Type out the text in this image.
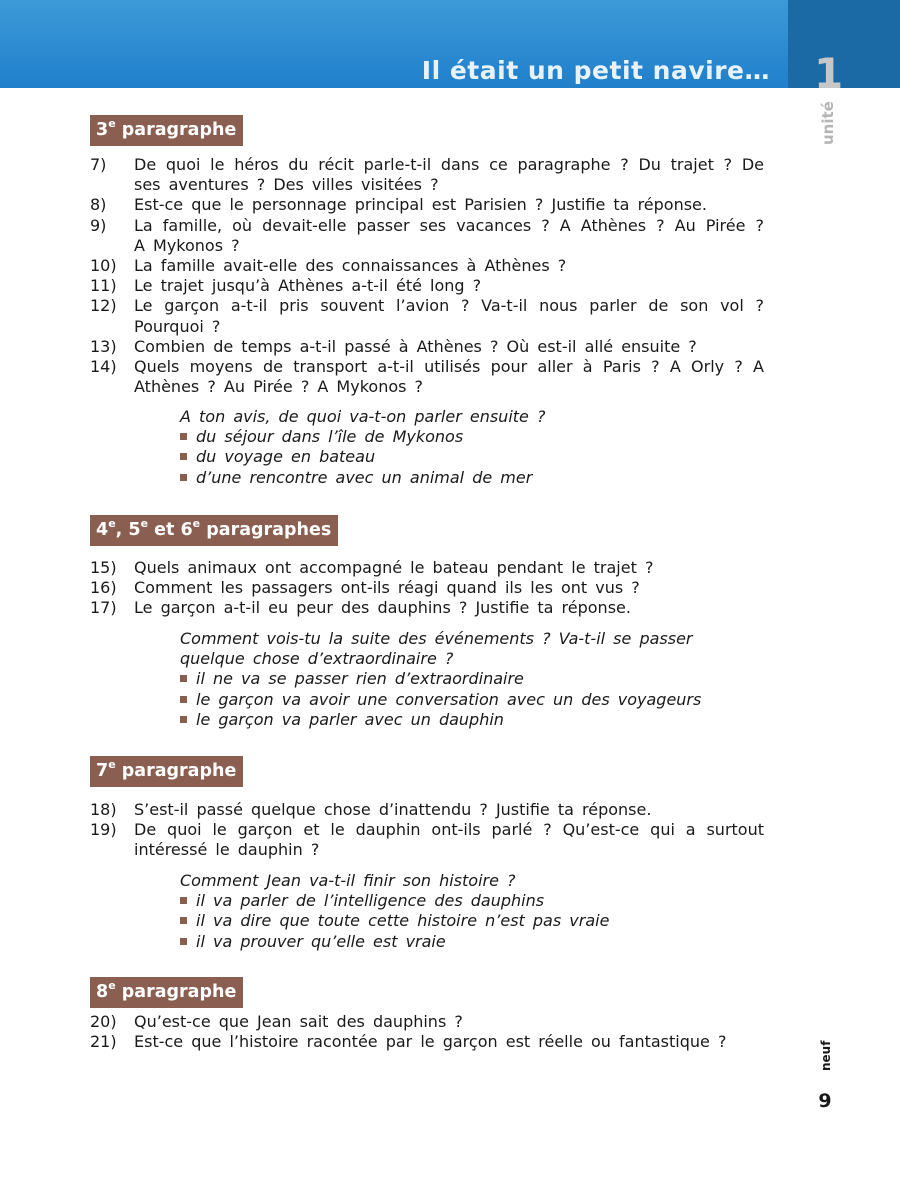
Il était un petit navire… 1
unité
3e paragraphe
7)	De quoi le héros du récit parle-t-il dans ce paragraphe ? Du trajet ? De
ses aventures ? Des villes visitées ?
8)	Est-ce que le personnage principal est Parisien ? Justifie ta réponse.
9)	La famille, où devait-elle passer ses vacances ? A Athènes ? Au Pirée ?
A Mykonos ?
10)	La famille avait-elle des connaissances à Athènes ?
11)	Le trajet jusqu’à Athènes a-t-il été long ?
12)	Le garçon a-t-il pris souvent l’avion ? Va-t-il nous parler de son vol ?
Pourquoi ?
13)	Combien de temps a-t-il passé à Athènes ? Où est-il allé ensuite ?
14)	Quels moyens de transport a-t-il utilisés pour aller à Paris ? A Orly ? A
Athènes ? Au Pirée ? A Mykonos ?
A ton avis, de quoi va-t-on parler ensuite ?
du séjour dans l’île de Mykonos
du voyage en bateau
d’une rencontre avec un animal de mer
4e, 5e et 6e paragraphes
15)	Quels animaux ont accompagné le bateau pendant le trajet ?
16)	Comment les passagers ont-ils réagi quand ils les ont vus ?
17)	Le garçon a-t-il eu peur des dauphins ? Justifie ta réponse.
Comment vois-tu la suite des événements ? Va-t-il se passer
quelque chose d’extraordinaire ?
il ne va se passer rien d’extraordinaire
le garçon va avoir une conversation avec un des voyageurs
le garçon va parler avec un dauphin
7e paragraphe
18)	S’est-il passé quelque chose d’inattendu ? Justifie ta réponse.
19)	De quoi le garçon et le dauphin ont-ils parlé ? Qu’est-ce qui a surtout
intéressé le dauphin ?
Comment Jean va-t-il finir son histoire ?
il va parler de l’intelligence des dauphins
il va dire que toute cette histoire n’est pas vraie
il va prouver qu’elle est vraie
8e paragraphe
20)	Qu’est-ce que Jean sait des dauphins ?
21)	Est-ce que l’histoire racontée par le garçon est réelle ou fantastique ?	neuf
9
